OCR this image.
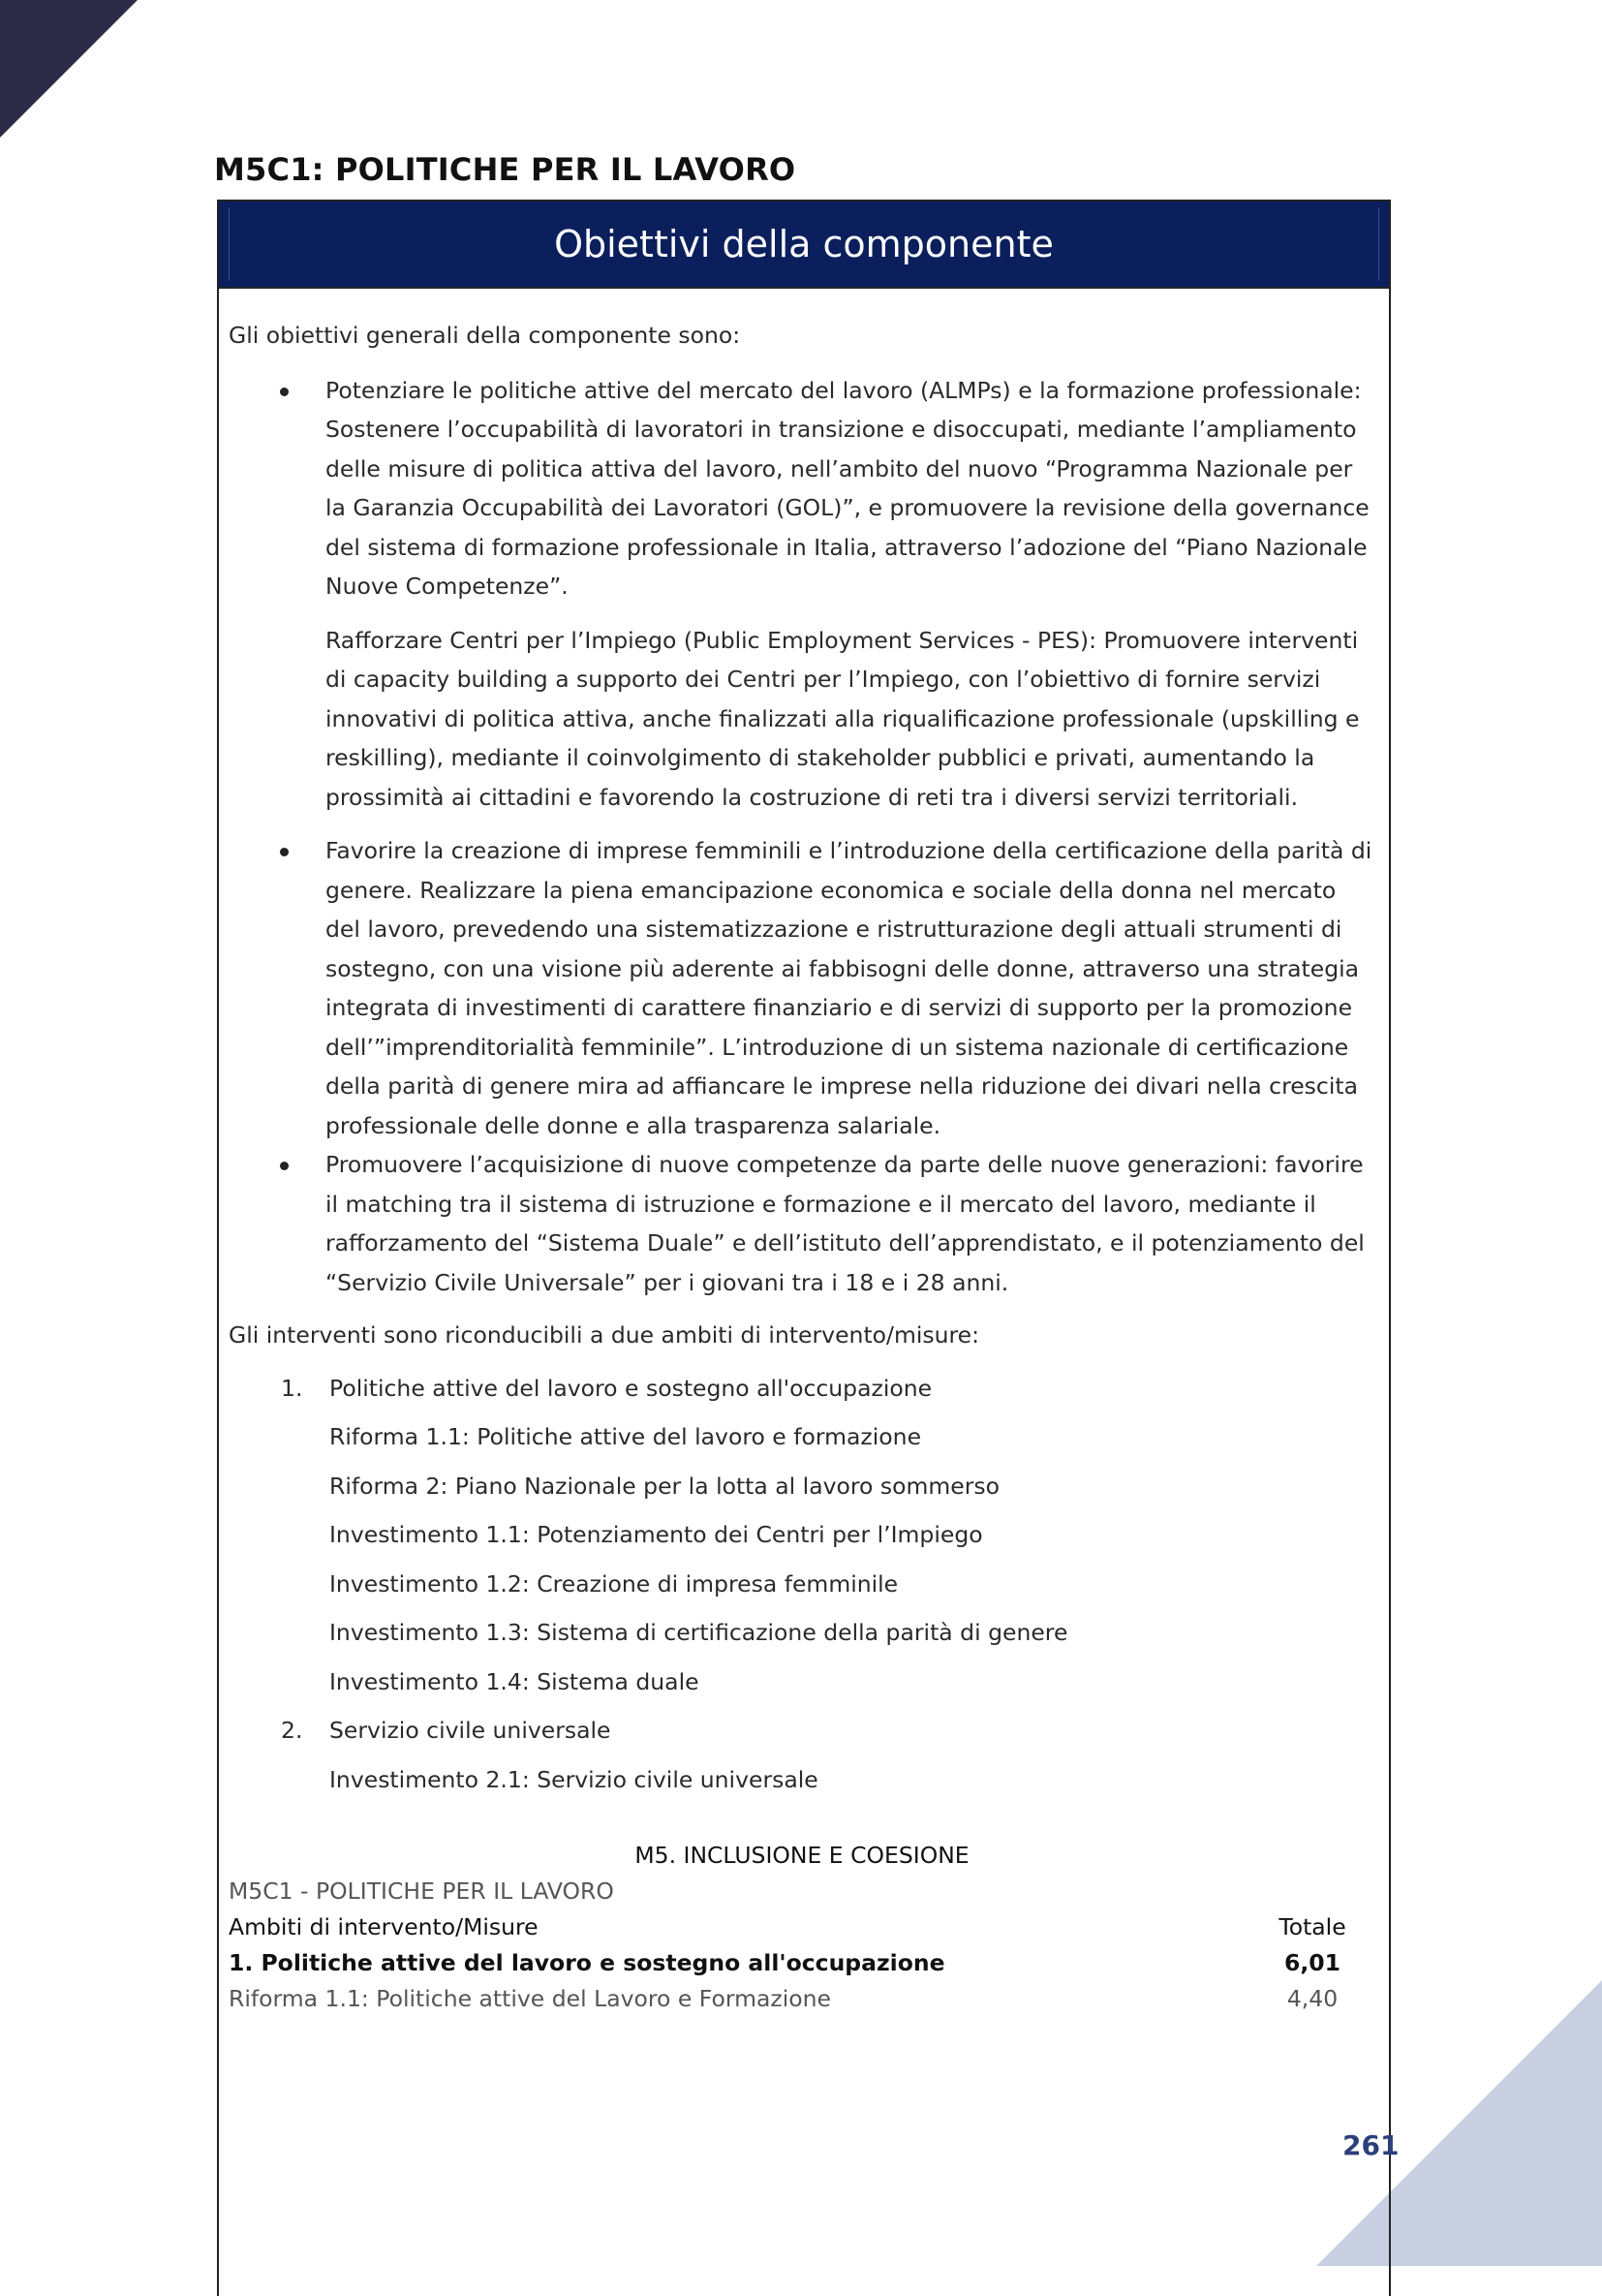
M5C1: POLITICHE PER IL LAVORO
Obiettivi della componente

Gli obiettivi generali della componente sono:

Potenziare le politiche attive del mercato del lavoro (ALMPs) e la formazione professionale: Sostenere l’occupabilità di lavoratori in transizione e disoccupati, mediante l’ampliamento delle misure di politica attiva del lavoro, nell’ambito del nuovo “Programma Nazionale per la Garanzia Occupabilità dei Lavoratori (GOL)”, e promuovere la revisione della governance del sistema di formazione professionale in Italia, attraverso l’adozione del “Piano Nazionale Nuove Competenze”.

Rafforzare Centri per l’Impiego (Public Employment Services - PES): Promuovere interventi di capacity building a supporto dei Centri per l’Impiego, con l’obiettivo di fornire servizi innovativi di politica attiva, anche finalizzati alla riqualificazione professionale (upskilling e reskilling), mediante il coinvolgimento di stakeholder pubblici e privati, aumentando la prossimità ai cittadini e favorendo la costruzione di reti tra i diversi servizi territoriali.

Favorire la creazione di imprese femminili e l’introduzione della certificazione della parità di genere. Realizzare la piena emancipazione economica e sociale della donna nel mercato del lavoro, prevedendo una sistematizzazione e ristrutturazione degli attuali strumenti di sostegno, con una visione più aderente ai fabbisogni delle donne, attraverso una strategia integrata di investimenti di carattere finanziario e di servizi di supporto per la promozione dell’”imprenditorialità femminile”. L’introduzione di un sistema nazionale di certificazione della parità di genere mira ad affiancare le imprese nella riduzione dei divari nella crescita professionale delle donne e alla trasparenza salariale.

Promuovere l’acquisizione di nuove competenze da parte delle nuove generazioni: favorire il matching tra il sistema di istruzione e formazione e il mercato del lavoro, mediante il rafforzamento del “Sistema Duale” e dell’istituto dell’apprendistato, e il potenziamento del “Servizio Civile Universale” per i giovani tra i 18 e i 28 anni.

Gli interventi sono riconducibili a due ambiti di intervento/misure:

1. Politiche attive del lavoro e sostegno all'occupazione

Riforma 1.1: Politiche attive del lavoro e formazione

Riforma 2: Piano Nazionale per la lotta al lavoro sommerso

Investimento 1.1: Potenziamento dei Centri per l’Impiego

Investimento 1.2: Creazione di impresa femminile

Investimento 1.3: Sistema di certificazione della parità di genere

Investimento 1.4: Sistema duale

2. Servizio civile universale

Investimento 2.1: Servizio civile universale

M5. INCLUSIONE E COESIONE
M5C1 - POLITICHE PER IL LAVORO
Ambiti di intervento/Misure	Totale
1. Politiche attive del lavoro e sostegno all'occupazione	6,01
Riforma 1.1: Politiche attive del Lavoro e Formazione	4,40
261
